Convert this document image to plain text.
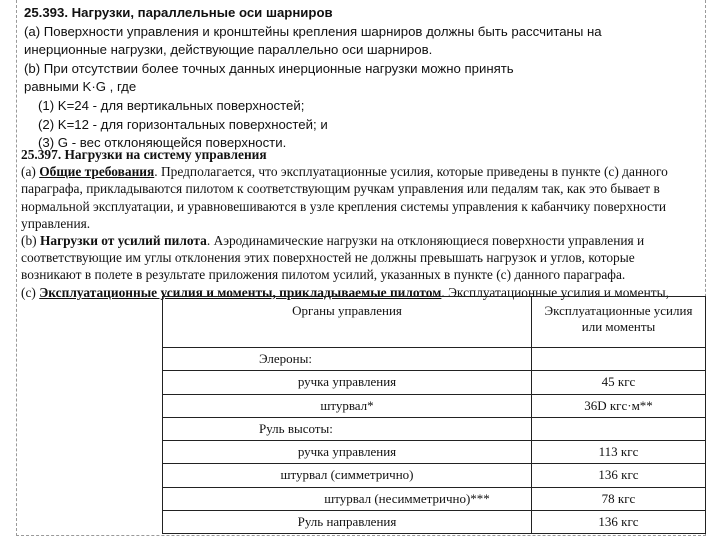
25.393. Нагрузки, параллельные оси шарниров

(a) Поверхности управления и кронштейны крепления шарниров должны быть рассчитаны на

инерционные нагрузки, действующие параллельно оси шарниров.

(b) При отсутствии более точных данных инерционные нагрузки можно принять

равными K·G , где

(1) K=24 - для вертикальных поверхностей;

(2) K=12 - для горизонтальных поверхностей; и

(3) G - вес отклоняющейся поверхности.

25.397. Нагрузки на систему управления

(a) Общие требования. Предполагается, что эксплуатационные усилия, которые приведены в пункте (c) данного

параграфа, прикладываются пилотом к соответствующим ручкам управления или педалям так, как это бывает в

нормальной эксплуатации, и уравновешиваются в узле крепления системы управления к кабанчику поверхности

управления.

(b) Нагрузки от усилий пилота. Аэродинамические нагрузки на отклоняющиеся поверхности управления и

соответствующие им углы отклонения этих поверхностей не должны превышать нагрузок и углов, которые

возникают в полете в результате приложения пилотом усилий, указанных в пункте (c) данного параграфа.

(c) Эксплуатационные усилия и моменты, прикладываемые пилотом. Эксплуатационные усилия и моменты,

Органы управления	Эксплуатационные усилия или моменты
Элероны:	
ручка управления	45 кгс
штурвал*	36D кгс·м**
Руль высоты:	
ручка управления	113 кгс
штурвал (симметрично)	136 кгс
штурвал (несимметрично)***	78 кгс
Руль направления	136 кгс
